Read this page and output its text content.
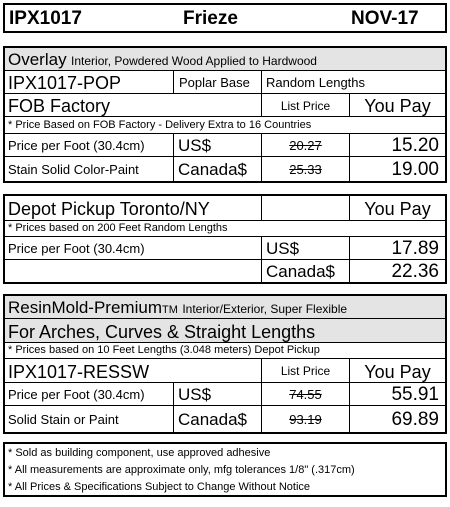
IPX1017	Frieze	NOV-17
Overlay Interior, Powdered Wood Applied to Hardwood
IPX1017-POP	Poplar Base	Random Lengths
FOB Factory	List Price	You Pay
* Price Based on FOB Factory - Delivery Extra to 16 Countries
Price per Foot (30.4cm) US$	20.27	15.20
Stain Solid Color-Paint Canada$	25.33	19.00
Depot Pickup Toronto/NY	You Pay
* Prices based on 200 Feet Random Lengths
Price per Foot (30.4cm)	US$	17.89
Canada$	22.36
ResinMold-PremiumTM Interior/Exterior, Super Flexible
For Arches, Curves & Straight Lengths
* Prices based on 10 Feet Lengths (3.048 meters) Depot Pickup
IPX1017-RESSW	List Price	You Pay
Price per Foot (30.4cm) US$	74.55	55.91
Solid Stain or Paint	Canada$	93.19	69.89
* Sold as building component, use approved adhesive
* All measurements are approximate only, mfg tolerances 1/8" (.317cm)
* All Prices & Specifications Subject to Change Without Notice
